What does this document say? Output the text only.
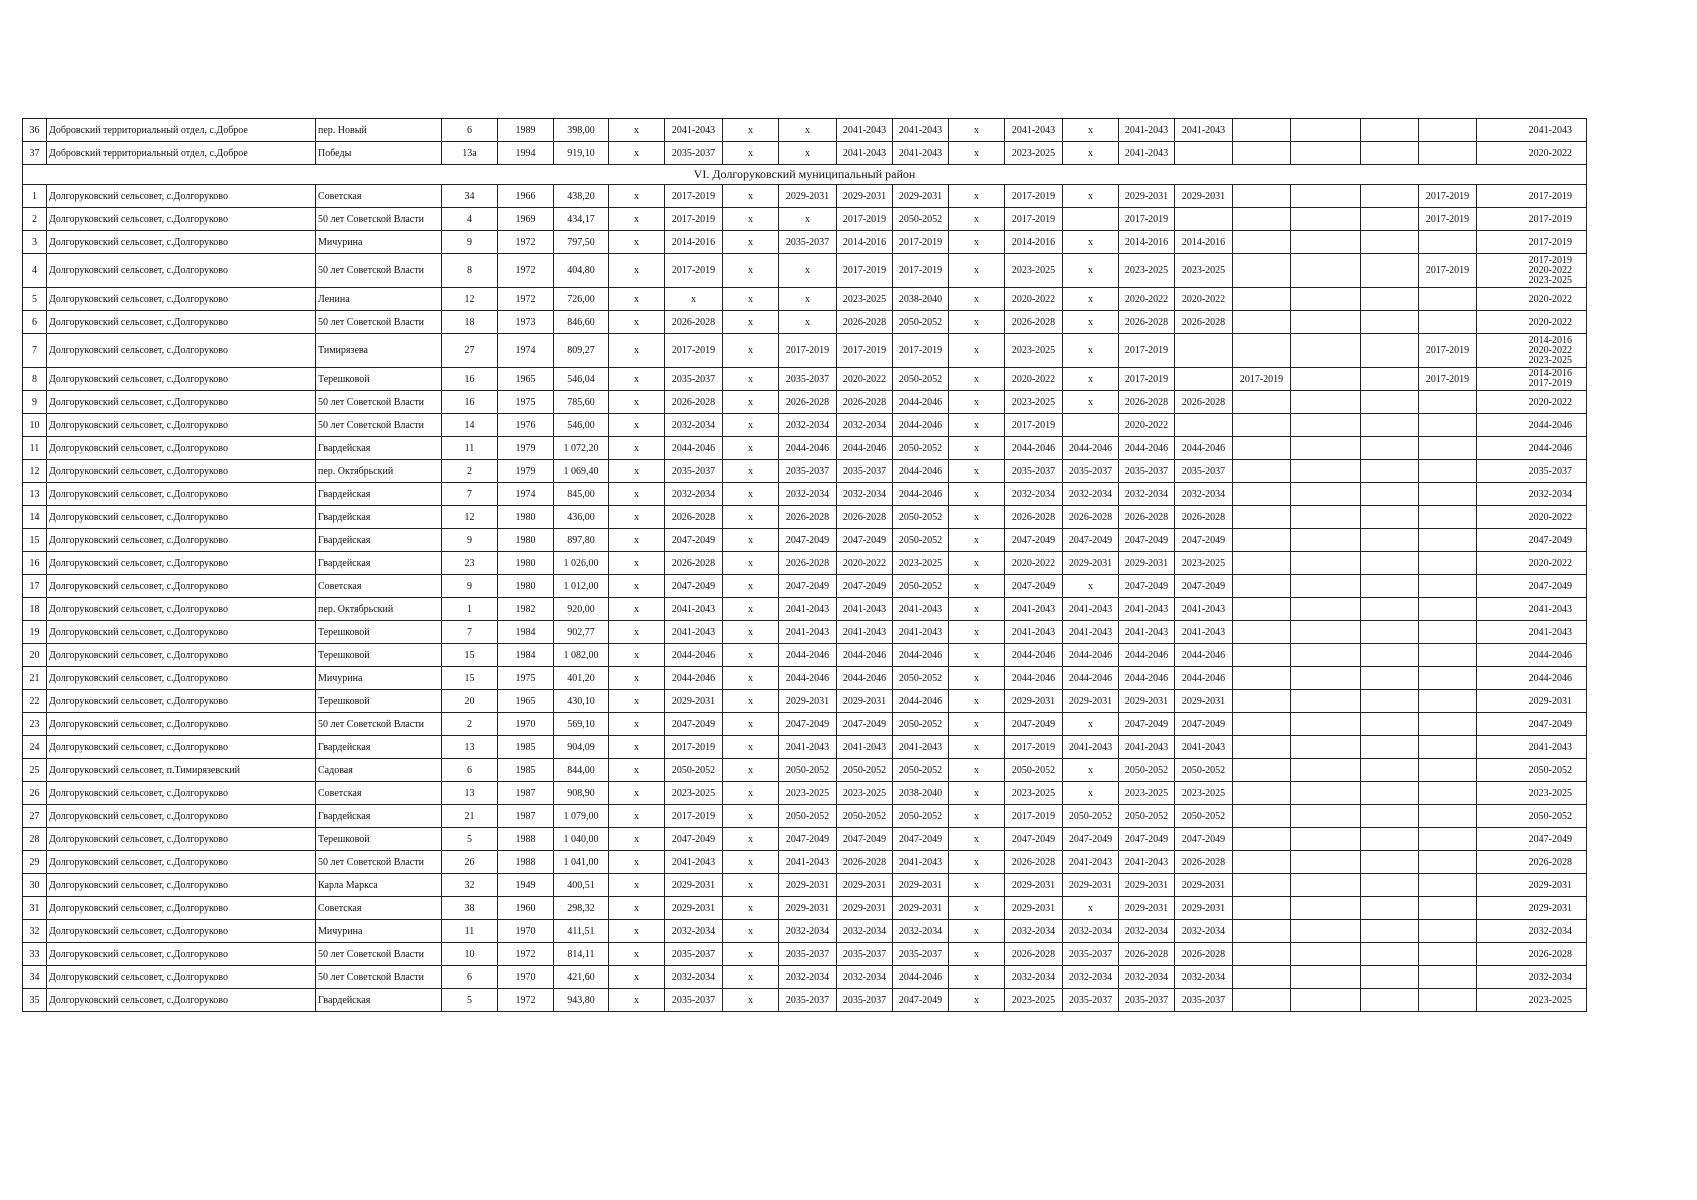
36	Добровский территориальный отдел, с.Доброе	пер. Новый	6	1989	398,00	х	2041-2043	х	х	2041-2043	2041-2043	х	2041-2043	х	2041-2043	2041-2043					2041-2043
37	Добровский территориальный отдел, с.Доброе	Победы	13а	1994	919,10	х	2035-2037	х	х	2041-2043	2041-2043	х	2023-2025	х	2041-2043						2020-2022
VI. Долгоруковский муниципальный район																					
1	Долгоруковский сельсовет, с.Долгоруково	Советская	34	1966	438,20	х	2017-2019	х	2029-2031	2029-2031	2029-2031	х	2017-2019	х	2029-2031	2029-2031				2017-2019	2017-2019
2	Долгоруковский сельсовет, с.Долгоруково	50 лет Советской Власти	4	1969	434,17	х	2017-2019	х	х	2017-2019	2050-2052	х	2017-2019		2017-2019					2017-2019	2017-2019
3	Долгоруковский сельсовет, с.Долгоруково	Мичурина	9	1972	797,50	х	2014-2016	х	2035-2037	2014-2016	2017-2019	х	2014-2016	х	2014-2016	2014-2016					2017-2019
4	Долгоруковский сельсовет, с.Долгоруково	50 лет Советской Власти	8	1972	404,80	х	2017-2019	х	х	2017-2019	2017-2019	х	2023-2025	х	2023-2025	2023-2025				2017-2019	2017-2019 2020-2022 2023-2025
5	Долгоруковский сельсовет, с.Долгоруково	Ленина	12	1972	726,00	х	х	х	х	2023-2025	2038-2040	х	2020-2022	х	2020-2022	2020-2022					2020-2022
6	Долгоруковский сельсовет, с.Долгоруково	50 лет Советской Власти	18	1973	846,60	х	2026-2028	х	х	2026-2028	2050-2052	х	2026-2028	х	2026-2028	2026-2028					2020-2022
7	Долгоруковский сельсовет, с.Долгоруково	Тимирязева	27	1974	809,27	х	2017-2019	х	2017-2019	2017-2019	2017-2019	х	2023-2025	х	2017-2019					2017-2019	2014-2016 2020-2022 2023-2025
8	Долгоруковский сельсовет, с.Долгоруково	Терешковой	16	1965	546,04	х	2035-2037	х	2035-2037	2020-2022	2050-2052	х	2020-2022	х	2017-2019		2017-2019			2017-2019	2014-2016 2017-2019
9	Долгоруковский сельсовет, с.Долгоруково	50 лет Советской Власти	16	1975	785,60	х	2026-2028	х	2026-2028	2026-2028	2044-2046	х	2023-2025	х	2026-2028	2026-2028					2020-2022
10	Долгоруковский сельсовет, с.Долгоруково	50 лет Советской Власти	14	1976	546,00	х	2032-2034	х	2032-2034	2032-2034	2044-2046	х	2017-2019		2020-2022						2044-2046
11	Долгоруковский сельсовет, с.Долгоруково	Гвардейская	11	1979	1 072,20	х	2044-2046	х	2044-2046	2044-2046	2050-2052	х	2044-2046	2044-2046	2044-2046	2044-2046					2044-2046
12	Долгоруковский сельсовет, с.Долгоруково	пер. Октябрьский	2	1979	1 069,40	х	2035-2037	х	2035-2037	2035-2037	2044-2046	х	2035-2037	2035-2037	2035-2037	2035-2037					2035-2037
13	Долгоруковский сельсовет, с.Долгоруково	Гвардейская	7	1974	845,00	х	2032-2034	х	2032-2034	2032-2034	2044-2046	х	2032-2034	2032-2034	2032-2034	2032-2034					2032-2034
14	Долгоруковский сельсовет, с.Долгоруково	Гвардейская	12	1980	436,00	х	2026-2028	х	2026-2028	2026-2028	2050-2052	х	2026-2028	2026-2028	2026-2028	2026-2028					2020-2022
15	Долгоруковский сельсовет, с.Долгоруково	Гвардейская	9	1980	897,80	х	2047-2049	х	2047-2049	2047-2049	2050-2052	х	2047-2049	2047-2049	2047-2049	2047-2049					2047-2049
16	Долгоруковский сельсовет, с.Долгоруково	Гвардейская	23	1980	1 026,00	х	2026-2028	х	2026-2028	2020-2022	2023-2025	х	2020-2022	2029-2031	2029-2031	2023-2025					2020-2022
17	Долгоруковский сельсовет, с.Долгоруково	Советская	9	1980	1 012,00	х	2047-2049	х	2047-2049	2047-2049	2050-2052	х	2047-2049	х	2047-2049	2047-2049					2047-2049
18	Долгоруковский сельсовет, с.Долгоруково	пер. Октябрьский	1	1982	920,00	х	2041-2043	х	2041-2043	2041-2043	2041-2043	х	2041-2043	2041-2043	2041-2043	2041-2043					2041-2043
19	Долгоруковский сельсовет, с.Долгоруково	Терешковой	7	1984	902,77	х	2041-2043	х	2041-2043	2041-2043	2041-2043	х	2041-2043	2041-2043	2041-2043	2041-2043					2041-2043
20	Долгоруковский сельсовет, с.Долгоруково	Терешковой	15	1984	1 082,00	х	2044-2046	х	2044-2046	2044-2046	2044-2046	х	2044-2046	2044-2046	2044-2046	2044-2046					2044-2046
21	Долгоруковский сельсовет, с.Долгоруково	Мичурина	15	1975	401,20	х	2044-2046	х	2044-2046	2044-2046	2050-2052	х	2044-2046	2044-2046	2044-2046	2044-2046					2044-2046
22	Долгоруковский сельсовет, с.Долгоруково	Терешковой	20	1965	430,10	х	2029-2031	х	2029-2031	2029-2031	2044-2046	х	2029-2031	2029-2031	2029-2031	2029-2031					2029-2031
23	Долгоруковский сельсовет, с.Долгоруково	50 лет Советской Власти	2	1970	569,10	х	2047-2049	х	2047-2049	2047-2049	2050-2052	х	2047-2049	х	2047-2049	2047-2049					2047-2049
24	Долгоруковский сельсовет, с.Долгоруково	Гвардейская	13	1985	904,09	х	2017-2019	х	2041-2043	2041-2043	2041-2043	х	2017-2019	2041-2043	2041-2043	2041-2043					2041-2043
25	Долгоруковский сельсовет, п.Тимирязевский	Садовая	6	1985	844,00	х	2050-2052	х	2050-2052	2050-2052	2050-2052	х	2050-2052	х	2050-2052	2050-2052					2050-2052
26	Долгоруковский сельсовет, с.Долгоруково	Советская	13	1987	908,90	х	2023-2025	х	2023-2025	2023-2025	2038-2040	х	2023-2025	х	2023-2025	2023-2025					2023-2025
27	Долгоруковский сельсовет, с.Долгоруково	Гвардейская	21	1987	1 079,00	х	2017-2019	х	2050-2052	2050-2052	2050-2052	х	2017-2019	2050-2052	2050-2052	2050-2052					2050-2052
28	Долгоруковский сельсовет, с.Долгоруково	Терешковой	5	1988	1 040,00	х	2047-2049	х	2047-2049	2047-2049	2047-2049	х	2047-2049	2047-2049	2047-2049	2047-2049					2047-2049
29	Долгоруковский сельсовет, с.Долгоруково	50 лет Советской Власти	26	1988	1 041,00	х	2041-2043	х	2041-2043	2026-2028	2041-2043	х	2026-2028	2041-2043	2041-2043	2026-2028					2026-2028
30	Долгоруковский сельсовет, с.Долгоруково	Карла Маркса	32	1949	400,51	х	2029-2031	х	2029-2031	2029-2031	2029-2031	х	2029-2031	2029-2031	2029-2031	2029-2031					2029-2031
31	Долгоруковский сельсовет, с.Долгоруково	Советская	38	1960	298,32	х	2029-2031	х	2029-2031	2029-2031	2029-2031	х	2029-2031	х	2029-2031	2029-2031					2029-2031
32	Долгоруковский сельсовет, с.Долгоруково	Мичурина	11	1970	411,51	х	2032-2034	х	2032-2034	2032-2034	2032-2034	х	2032-2034	2032-2034	2032-2034	2032-2034					2032-2034
33	Долгоруковский сельсовет, с.Долгоруково	50 лет Советской Власти	10	1972	814,11	х	2035-2037	х	2035-2037	2035-2037	2035-2037	х	2026-2028	2035-2037	2026-2028	2026-2028					2026-2028
34	Долгоруковский сельсовет, с.Долгоруково	50 лет Советской Власти	6	1970	421,60	х	2032-2034	х	2032-2034	2032-2034	2044-2046	х	2032-2034	2032-2034	2032-2034	2032-2034					2032-2034
35	Долгоруковский сельсовет, с.Долгоруково	Гвардейская	5	1972	943,80	х	2035-2037	х	2035-2037	2035-2037	2047-2049	х	2023-2025	2035-2037	2035-2037	2035-2037					2023-2025
